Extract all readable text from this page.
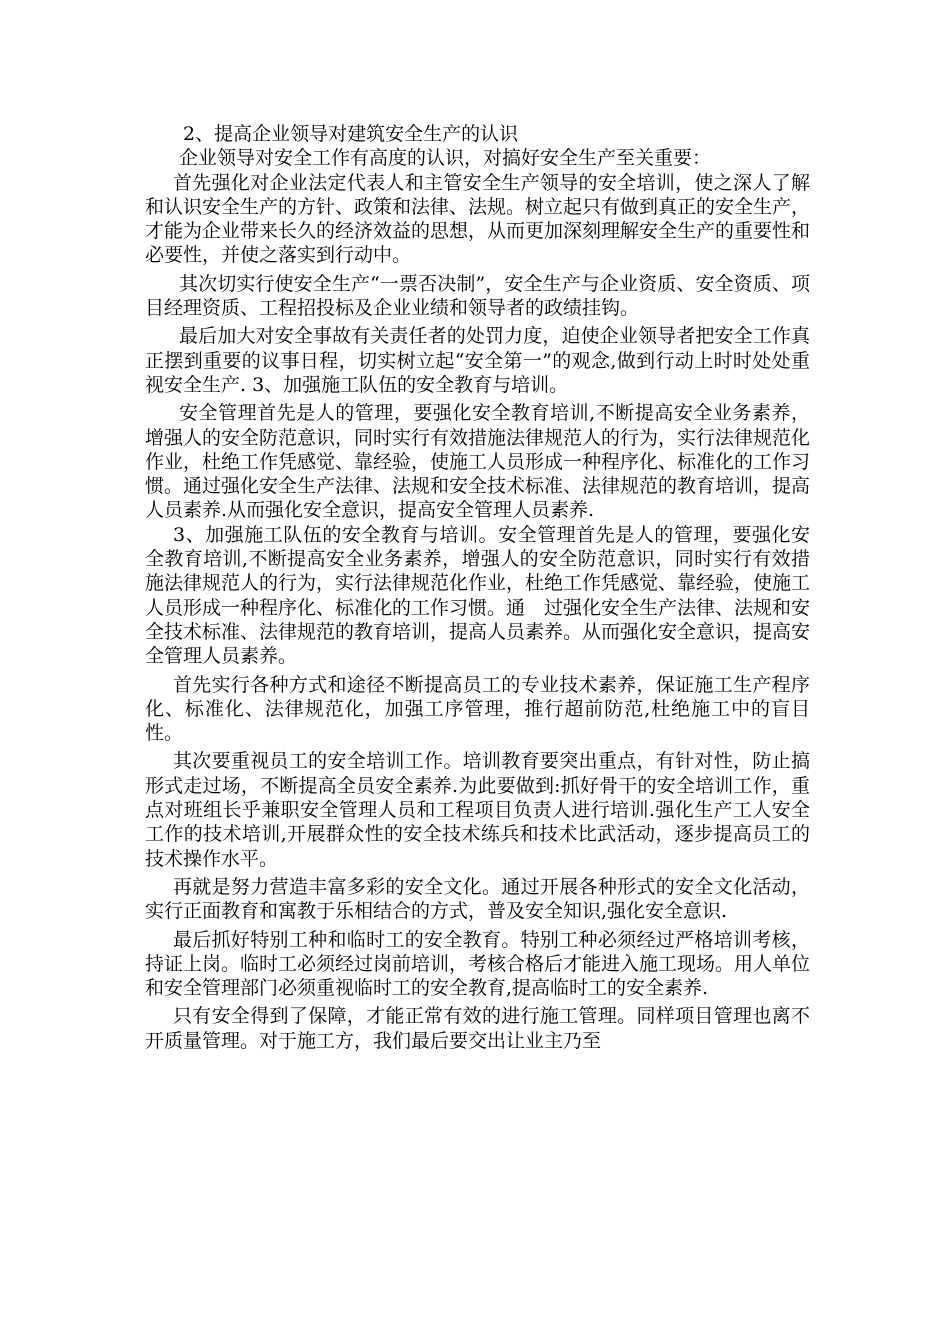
2、提高企业领导对建筑安全生产的认识

企业领导对安全工作有高度的认识，对搞好安全生产至关重要：

首先强化对企业法定代表人和主管安全生产领导的安全培训，使之深人了解和认识安全生产的方针、政策和法律、法规。树立起只有做到真正的安全生产，才能为企业带来长久的经济效益的思想，从而更加深刻理解安全生产的重要性和必要性，并使之落实到行动中。

其次切实行使安全生产“一票否决制”，安全生产与企业资质、安全资质、项目经理资质、工程招投标及企业业绩和领导者的政绩挂钩。

最后加大对安全事故有关责任者的处罚力度，迫使企业领导者把安全工作真正摆到重要的议事日程，切实树立起“安全第一”的观念,做到行动上时时处处重视安全生产. 3、加强施工队伍的安全教育与培训。

安全管理首先是人的管理，要强化安全教育培训,不断提高安全业务素养，增强人的安全防范意识，同时实行有效措施法律规范人的行为，实行法律规范化作业，杜绝工作凭感觉、靠经验，使施工人员形成一种程序化、标准化的工作习惯。通过强化安全生产法律、法规和安全技术标准、法律规范的教育培训，提高人员素养.从而强化安全意识，提高安全管理人员素养.

3、加强施工队伍的安全教育与培训。安全管理首先是人的管理，要强化安全教育培训,不断提高安全业务素养，增强人的安全防范意识，同时实行有效措施法律规范人的行为，实行法律规范化作业，杜绝工作凭感觉、靠经验，使施工人员形成一种程序化、标准化的工作习惯。通　过强化安全生产法律、法规和安全技术标准、法律规范的教育培训，提高人员素养。从而强化安全意识，提高安全管理人员素养。

首先实行各种方式和途径不断提高员工的专业技术素养，保证施工生产程序化、标准化、法律规范化，加强工序管理，推行超前防范,杜绝施工中的盲目性。

其次要重视员工的安全培训工作。培训教育要突出重点，有针对性，防止搞形式走过场，不断提高全员安全素养.为此要做到:抓好骨干的安全培训工作，重点对班组长乎兼职安全管理人员和工程项目负责人进行培训.强化生产工人安全工作的技术培训,开展群众性的安全技术练兵和技术比武活动，逐步提高员工的技术操作水平。

再就是努力营造丰富多彩的安全文化。通过开展各种形式的安全文化活动，实行正面教育和寓教于乐相结合的方式，普及安全知识,强化安全意识.

最后抓好特别工种和临时工的安全教育。特别工种必须经过严格培训考核，持证上岗。临时工必须经过岗前培训，考核合格后才能进入施工现场。用人单位和安全管理部门必须重视临时工的安全教育,提高临时工的安全素养.

只有安全得到了保障，才能正常有效的进行施工管理。同样项目管理也离不开质量管理。对于施工方，我们最后要交出让业主乃至
